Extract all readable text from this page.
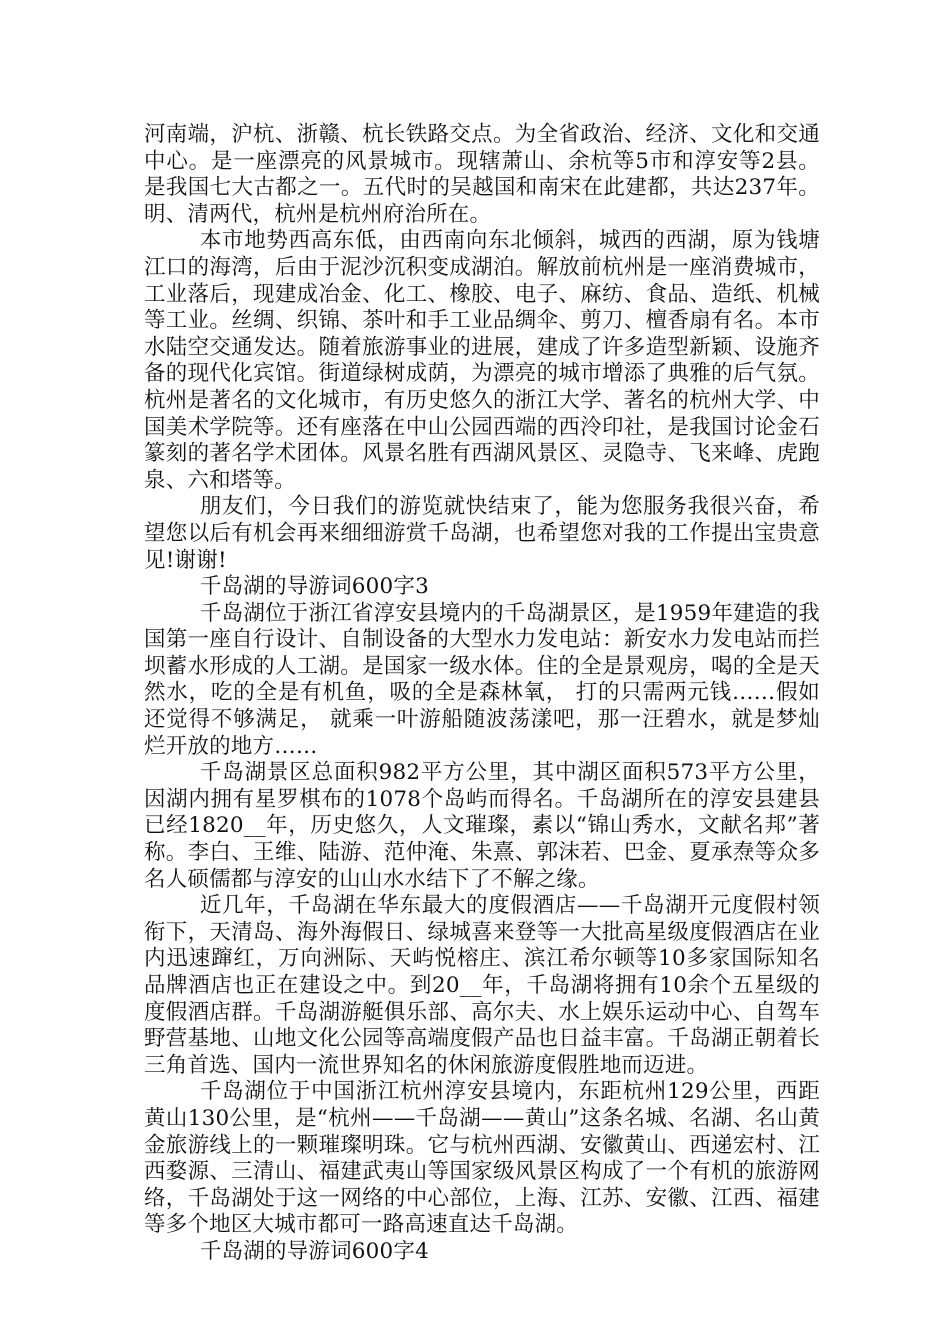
河南端，沪杭、浙赣、杭长铁路交点。为全省政治、经济、文化和交通中心。是一座漂亮的风景城市。现辖萧山、余杭等5市和淳安等2县。是我国七大古都之一。五代时的吴越国和南宋在此建都，共达237年。明、清两代，杭州是杭州府治所在。

本市地势西高东低，由西南向东北倾斜，城西的西湖，原为钱塘江口的海湾，后由于泥沙沉积变成湖泊。解放前杭州是一座消费城市，工业落后，现建成冶金、化工、橡胶、电子、麻纺、食品、造纸、机械等工业。丝绸、织锦、茶叶和手工业品绸伞、剪刀、檀香扇有名。本市水陆空交通发达。随着旅游事业的进展，建成了许多造型新颖、设施齐备的现代化宾馆。街道绿树成荫，为漂亮的城市增添了典雅的后气氛。杭州是著名的文化城市，有历史悠久的浙江大学、著名的杭州大学、中国美术学院等。还有座落在中山公园西端的西泠印社，是我国讨论金石篆刻的著名学术团体。风景名胜有西湖风景区、灵隐寺、飞来峰、虎跑泉、六和塔等。

朋友们，今日我们的游览就快结束了，能为您服务我很兴奋，希望您以后有机会再来细细游赏千岛湖，也希望您对我的工作提出宝贵意见!谢谢!

千岛湖的导游词600字3

千岛湖位于浙江省淳安县境内的千岛湖景区，是1959年建造的我国第一座自行设计、自制设备的大型水力发电站：新安水力发电站而拦坝蓄水形成的人工湖。是国家一级水体。住的全是景观房，喝的全是天然水，吃的全是有机鱼，吸的全是森林氧， 打的只需两元钱……假如还觉得不够满足， 就乘一叶游船随波荡漾吧，那一汪碧水，就是梦灿烂开放的地方……

千岛湖景区总面积982平方公里，其中湖区面积573平方公里，因湖内拥有星罗棋布的1078个岛屿而得名。千岛湖所在的淳安县建县已经1820__年，历史悠久，人文璀璨，素以“锦山秀水，文献名邦”著称。李白、王维、陆游、范仲淹、朱熹、郭沫若、巴金、夏承焘等众多名人硕儒都与淳安的山山水水结下了不解之缘。

近几年，千岛湖在华东最大的度假酒店——千岛湖开元度假村领衔下，天清岛、海外海假日、绿城喜来登等一大批高星级度假酒店在业内迅速蹿红，万向洲际、天屿悦榕庄、滨江希尔顿等10多家国际知名品牌酒店也正在建设之中。到20__年，千岛湖将拥有10余个五星级的度假酒店群。千岛湖游艇俱乐部、高尔夫、水上娱乐运动中心、自驾车野营基地、山地文化公园等高端度假产品也日益丰富。千岛湖正朝着长三角首选、国内一流世界知名的休闲旅游度假胜地而迈进。

千岛湖位于中国浙江杭州淳安县境内，东距杭州129公里，西距黄山130公里，是“杭州——千岛湖——黄山”这条名城、名湖、名山黄金旅游线上的一颗璀璨明珠。它与杭州西湖、安徽黄山、西递宏村、江西婺源、三清山、福建武夷山等国家级风景区构成了一个有机的旅游网络，千岛湖处于这一网络的中心部位，上海、江苏、安徽、江西、福建等多个地区大城市都可一路高速直达千岛湖。

千岛湖的导游词600字4
